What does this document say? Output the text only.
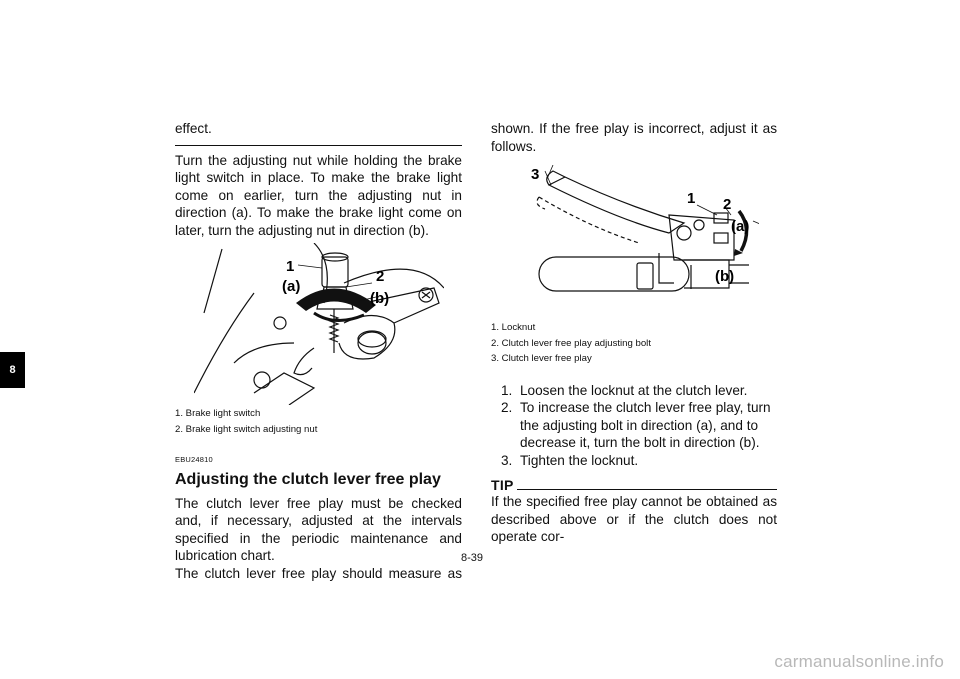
8

effect.

Turn the adjusting nut while holding the brake light switch in place. To make the brake light come on earlier, turn the adjusting nut in direction (a). To make the brake light come on later, turn the adjusting nut in direction (b).

1
2
(a)
(b)
1. Brake light switch
2. Brake light switch adjusting nut
EBU24810
Adjusting the clutch lever free play

The clutch lever free play must be checked and, if necessary, adjusted at the intervals specified in the periodic maintenance and lubrication chart.

The clutch lever free play should measure as

shown. If the free play is incorrect, adjust it as follows.

3
1 2
(a)
(b)
1. Locknut
2. Clutch lever free play adjusting bolt
3. Clutch lever free play
1. Loosen the locknut at the clutch lever.
2. To increase the clutch lever free play, turn the adjusting bolt in direction (a), and to decrease it, turn the bolt in direction (b).
3. Tighten the locknut.
TIP

If the specified free play cannot be obtained as described above or if the clutch does not operate cor-

8-39
carmanualsonline.info
